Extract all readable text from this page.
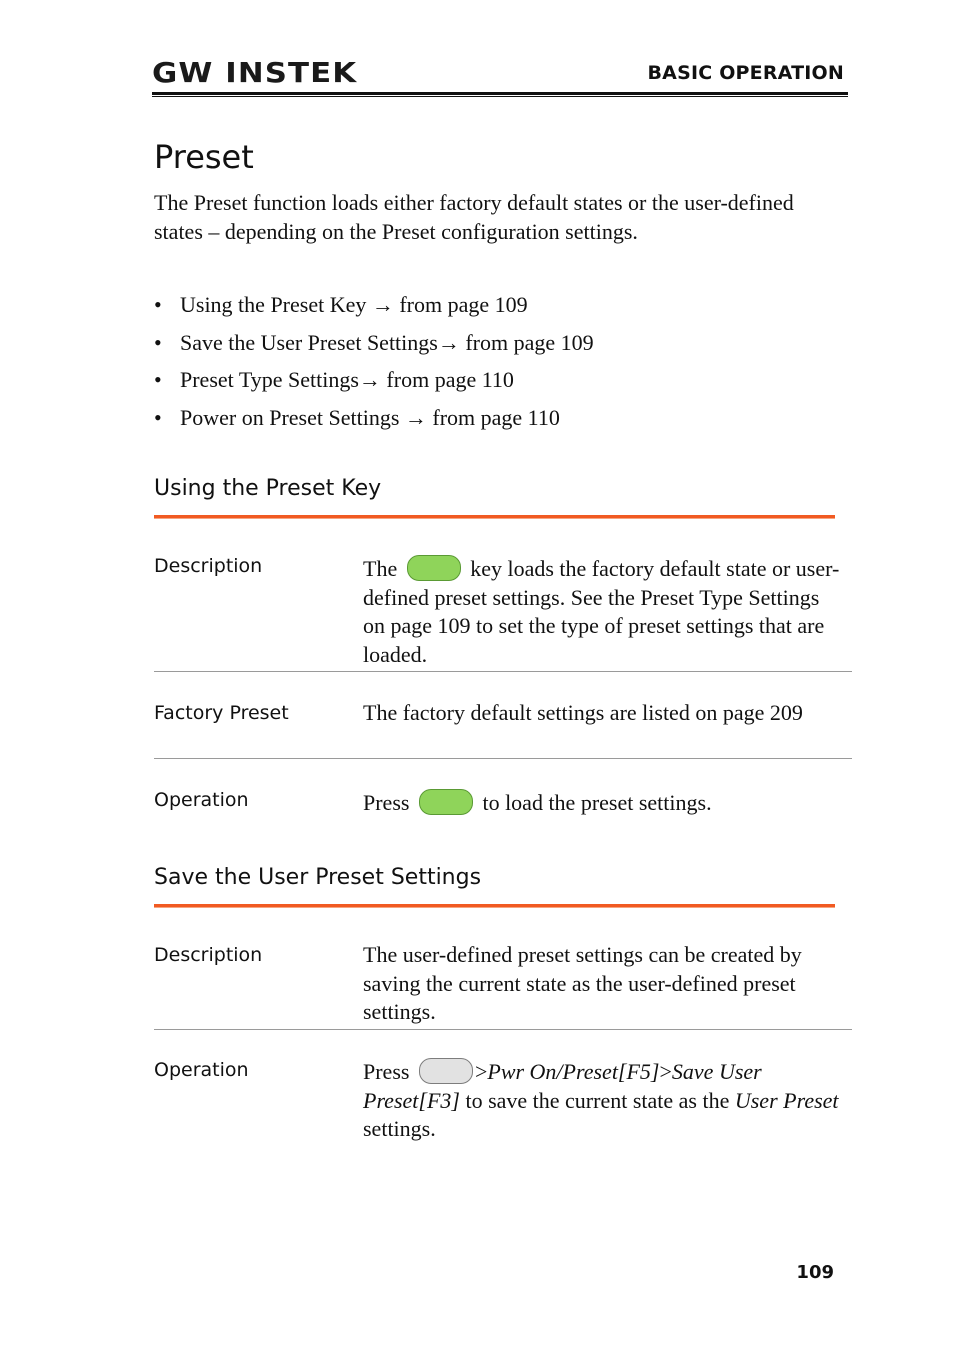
GW INSTEK	BASIC OPERATION
Preset
The Preset function loads either factory default states or the user-defined states – depending on the Preset configuration settings.
• Using the Preset Key → from page 109
• Save the User Preset Settings→ from page 109
• Preset Type Settings→ from page 110
• Power on Preset Settings → from page 110
Using the Preset Key
Description	The	key loads the factory default state or user-defined preset settings. See the Preset Type Settings on page 109 to set the type of preset settings that are loaded.
Factory Preset	The factory default settings are listed on page 209
Operation	Press	to load the preset settings.
Save the User Preset Settings
Description	The user-defined preset settings can be created by saving the current state as the user-defined preset settings.
Operation	Press	>Pwr On/Preset[F5]>Save User Preset[F3] to save the current state as the User Preset settings.
109
